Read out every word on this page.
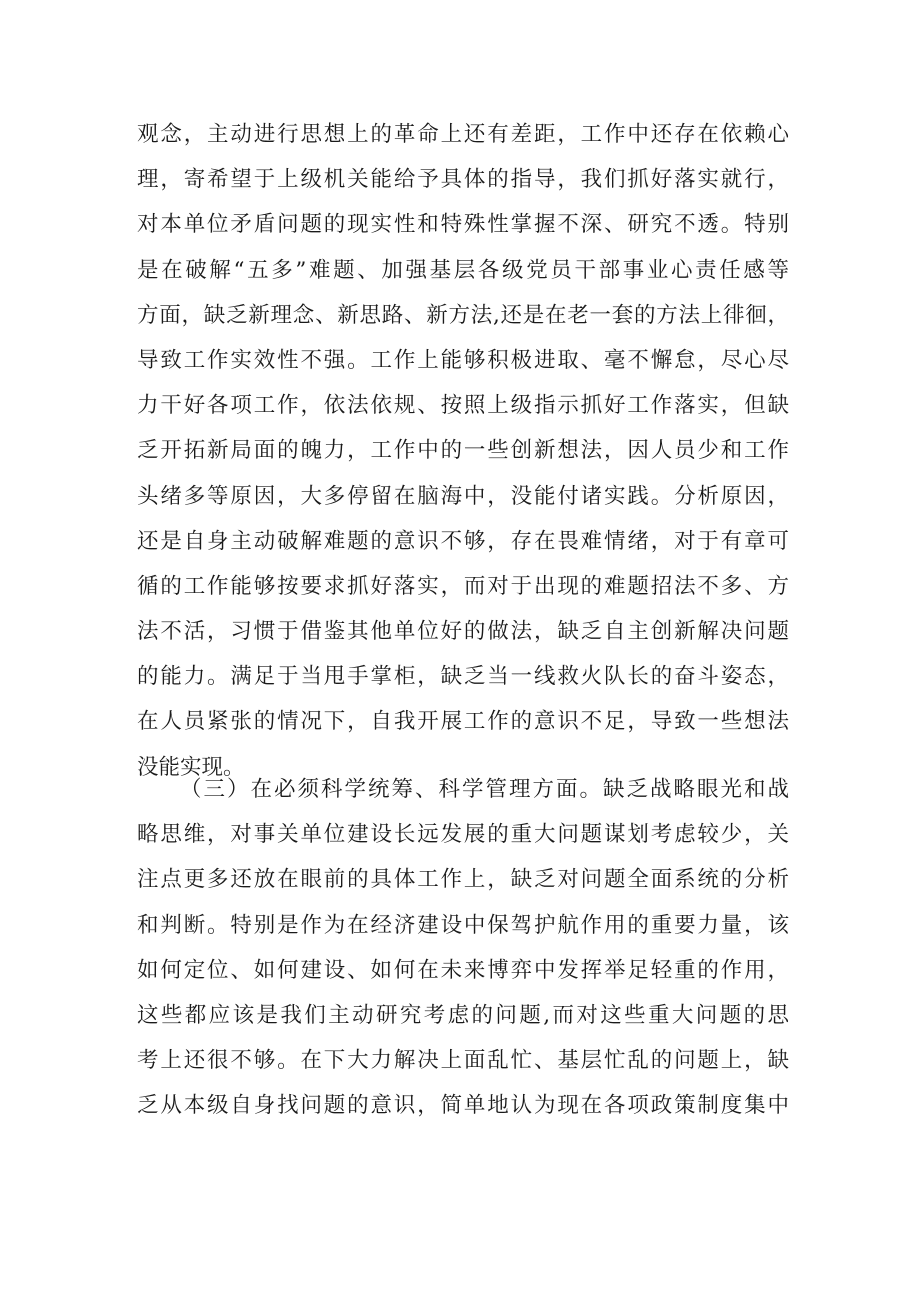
观念，主动进行思想上的革命上还有差距，工作中还存在依赖心
理，寄希望于上级机关能给予具体的指导，我们抓好落实就行，
对本单位矛盾问题的现实性和特殊性掌握不深、研究不透。特别
是在破解“五多”难题、加强基层各级党员干部事业心责任感等
方面，缺乏新理念、新思路、新方法,还是在老一套的方法上徘徊，
导致工作实效性不强。工作上能够积极进取、毫不懈怠，尽心尽
力干好各项工作，依法依规、按照上级指示抓好工作落实，但缺
乏开拓新局面的魄力，工作中的一些创新想法，因人员少和工作
头绪多等原因，大多停留在脑海中，没能付诸实践。分析原因，
还是自身主动破解难题的意识不够，存在畏难情绪，对于有章可
循的工作能够按要求抓好落实，而对于出现的难题招法不多、方
法不活，习惯于借鉴其他单位好的做法，缺乏自主创新解决问题
的能力。满足于当甩手掌柜，缺乏当一线救火队长的奋斗姿态，
在人员紧张的情况下，自我开展工作的意识不足，导致一些想法
没能实现。
（三）在必须科学统筹、科学管理方面。缺乏战略眼光和战
略思维，对事关单位建设长远发展的重大问题谋划考虑较少，关
注点更多还放在眼前的具体工作上，缺乏对问题全面系统的分析
和判断。特别是作为在经济建设中保驾护航作用的重要力量，该
如何定位、如何建设、如何在未来博弈中发挥举足轻重的作用，
这些都应该是我们主动研究考虑的问题,而对这些重大问题的思
考上还很不够。在下大力解决上面乱忙、基层忙乱的问题上，缺
乏从本级自身找问题的意识，简单地认为现在各项政策制度集中
